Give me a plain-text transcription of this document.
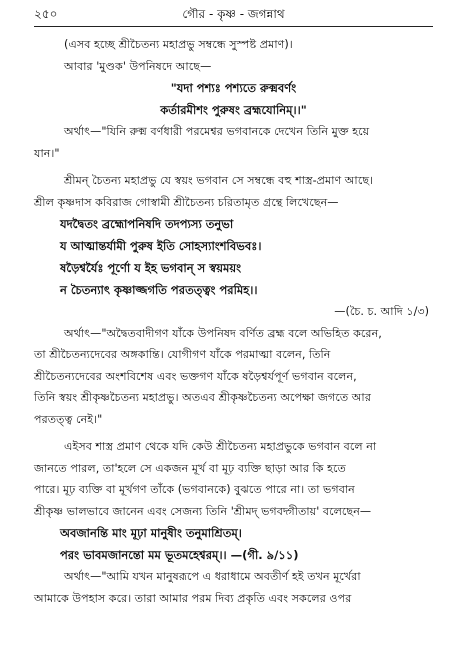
২৫০	গৌর - কৃষ্ণ - জগন্নাথ

(এসব হচ্ছে শ্রীচৈতন্য মহাপ্রভু সম্বন্ধে সুস্পষ্ট প্রমাণ)।

আবার 'মুণ্ডক' উপনিষদে আছে—

"যদা পশ্যঃ পশ্যতে রুক্মবর্ণং

কর্তারমীশং পুরুষং ব্রহ্মযোনিম্।।"

অর্থাৎ—"যিনি রুক্ম বর্ণধারী পরমেশ্বর ভগবানকে দেখেন তিনি মুক্ত হয়ে

যান।"

শ্রীমন্ চৈতন্য মহাপ্রভু যে স্বয়ং ভগবান সে সম্বন্ধে বহু শাস্ত্র-প্রমাণ আছে।

শ্রীল কৃষ্ণদাস কবিরাজ গোস্বামী শ্রীচৈতন্য চরিতামৃত গ্রন্থে লিখেছেন—

যদদ্বৈতং ব্রহ্মোপনিষদি তদপ্যস্য তনুভা

য আত্মান্তর্যামী পুরুষ ইতি সোহস্যাংশবিভবঃ।

ষড়ৈশ্বর্যৈঃ পূর্ণো য ইহ ভগবান্ স স্বয়ময়ং

ন চৈতন্যাৎ কৃষ্ণাজ্জগতি পরতত্ত্বং পরমিহ।।

—(চৈ. চ. আদি ১/৩)

অর্থাৎ—"অদ্বৈতবাদীগণ যাঁকে উপনিষদ বর্ণিত ব্রহ্ম বলে অভিহিত করেন,

তা শ্রীচৈতন্যদেবের অঙ্গকান্তি। যোগীগণ যাঁকে পরমাত্মা বলেন, তিনি

শ্রীচৈতন্যদেবের অংশবিশেষ এবং ভক্তগণ যাঁকে ষড়ৈশ্বর্যপূর্ণ ভগবান বলেন,

তিনি স্বয়ং শ্রীকৃষ্ণচৈতন্য মহাপ্রভু। অতএব শ্রীকৃষ্ণচৈতন্য অপেক্ষা জগতে আর

পরতত্ত্ব নেই।"

এইসব শাস্ত্র প্রমাণ থেকে যদি কেউ শ্রীচৈতন্য মহাপ্রভুকে ভগবান বলে না

জানতে পারল, তা'হলে সে একজন মূর্খ বা মূঢ় ব্যক্তি ছাড়া আর কি হতে

পারে। মূঢ় ব্যক্তি বা মূর্খগণ তাঁকে (ভগবানকে) বুঝতে পারে না। তা ভগবান

শ্রীকৃষ্ণ ভালভাবে জানেন এবং সেজন্য তিনি 'শ্রীমদ্ ভগবদ্গীতায়' বলেছেন—

অবজানন্তি মাং মূঢ়া মানুষীং তনুমাশ্রিতম্।

পরং ভাবমজানন্তো মম ভূতমহেশ্বরম্।। —(গী. ৯/১১)

অর্থাৎ—"আমি যখন মানুষরূপে এ ধরাধামে অবতীর্ণ হই তখন মূর্খেরা

আমাকে উপহাস করে। তারা আমার পরম দিব্য প্রকৃতি এবং সকলের ওপর
